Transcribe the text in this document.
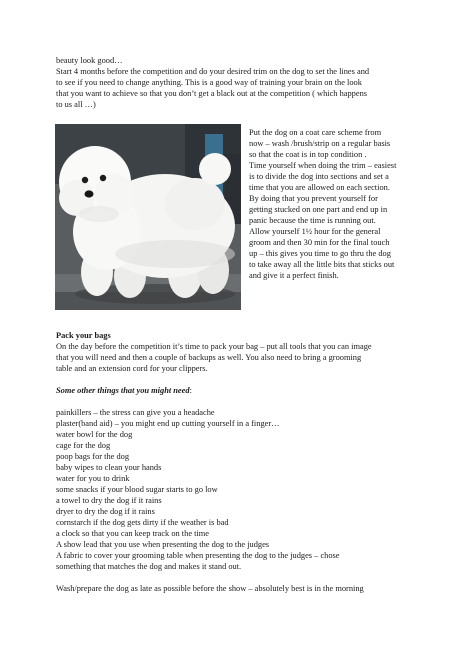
beauty look good…
Start 4 months before the competition and do your desired trim on the dog to set the lines and
to see if you need to change anything. This is a good way of training your brain on the look
that you want to achieve so that you don’t get a black out at the competition ( which happens
to us all …)
Put the dog on a coat care scheme from
now – wash /brush/strip on a regular basis
so that the coat is in top condition .
Time yourself when doing the trim – easiest
is to divide the dog into sections and set a
time that you are allowed on each section.
By doing that you prevent yourself for
getting stucked on one part and end up in
panic because the time is running out.
Allow yourself 1½ hour for the general
groom and then 30 min for the final touch
up – this gives you time to go thru the dog
to take away all the little bits that sticks out
and give it a perfect finish.
Pack your bags
On the day before the competition it’s time to pack your bag – put all tools that you can image
that you will need and then a couple of backups as well. You also need to bring a grooming
table and an extension cord for your clippers.
Some other things that you might need:
painkillers – the stress can give you a headache
plaster(band aid) – you might end up cutting yourself in a finger…
water bowl for the dog
cage for the dog
poop bags for the dog
baby wipes to clean your hands
water for you to drink
some snacks if your blood sugar starts to go low
a towel to dry the dog if it rains
dryer to dry the dog if it rains
cornstarch if the dog gets dirty if the weather is bad
a clock so that you can keep track on the time
A show lead that you use when presenting the dog to the judges
A fabric to cover your grooming table when presenting the dog to the judges – chose
something that matches the dog and makes it stand out.
Wash/prepare the dog as late as possible before the show – absolutely best is in the morning
